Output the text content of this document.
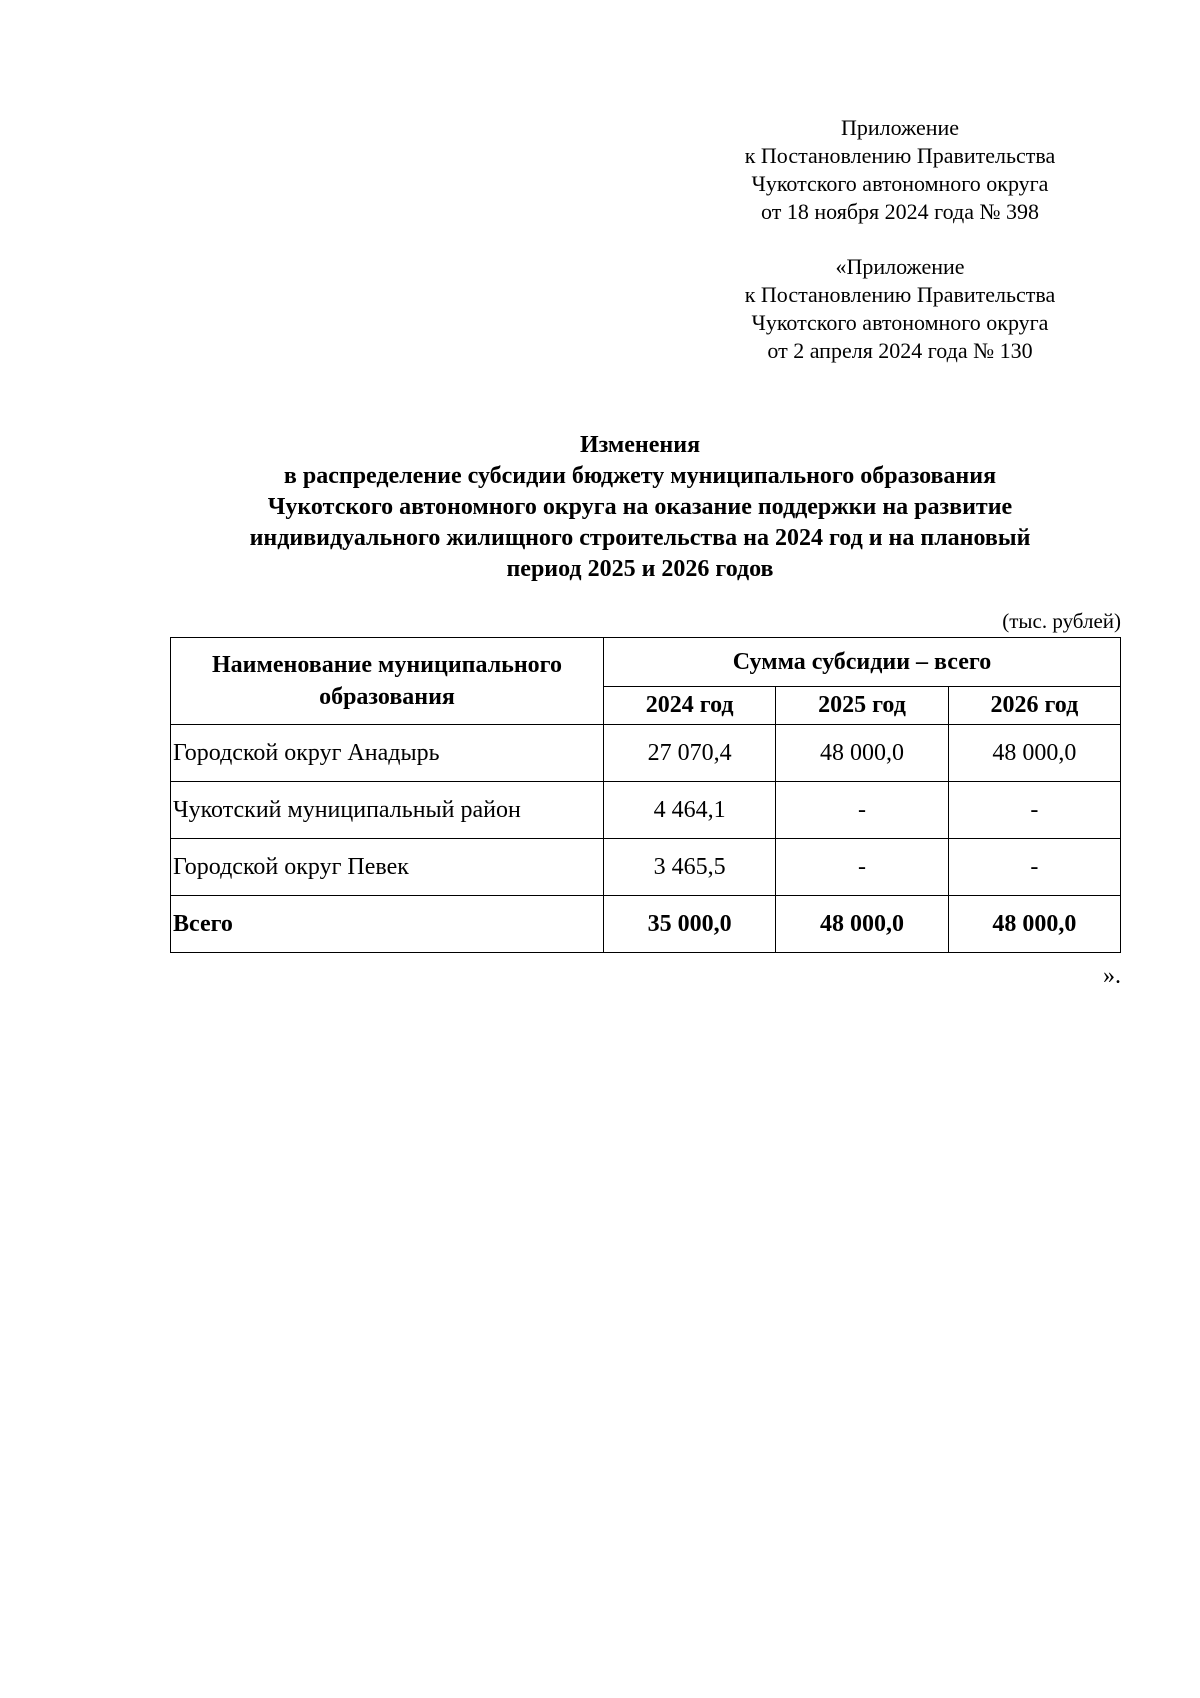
Приложение
к Постановлению Правительства
Чукотского автономного округа
от 18 ноября 2024 года № 398
«Приложение
к Постановлению Правительства
Чукотского автономного округа
от 2 апреля 2024 года № 130
Изменения
в распределение субсидии бюджету муниципального образования
Чукотского автономного округа на оказание поддержки на развитие
индивидуального жилищного строительства на 2024 год и на плановый
период 2025 и 2026 годов
(тыс. рублей)
Наименование муниципального образования	Сумма субсидии – всего		
	2024 год	2025 год	2026 год
Городской округ Анадырь	27 070,4	48 000,0	48 000,0
Чукотский муниципальный район	4 464,1	-	-
Городской округ Певек	3 465,5	-	-
Всего	35 000,0	48 000,0	48 000,0
».
